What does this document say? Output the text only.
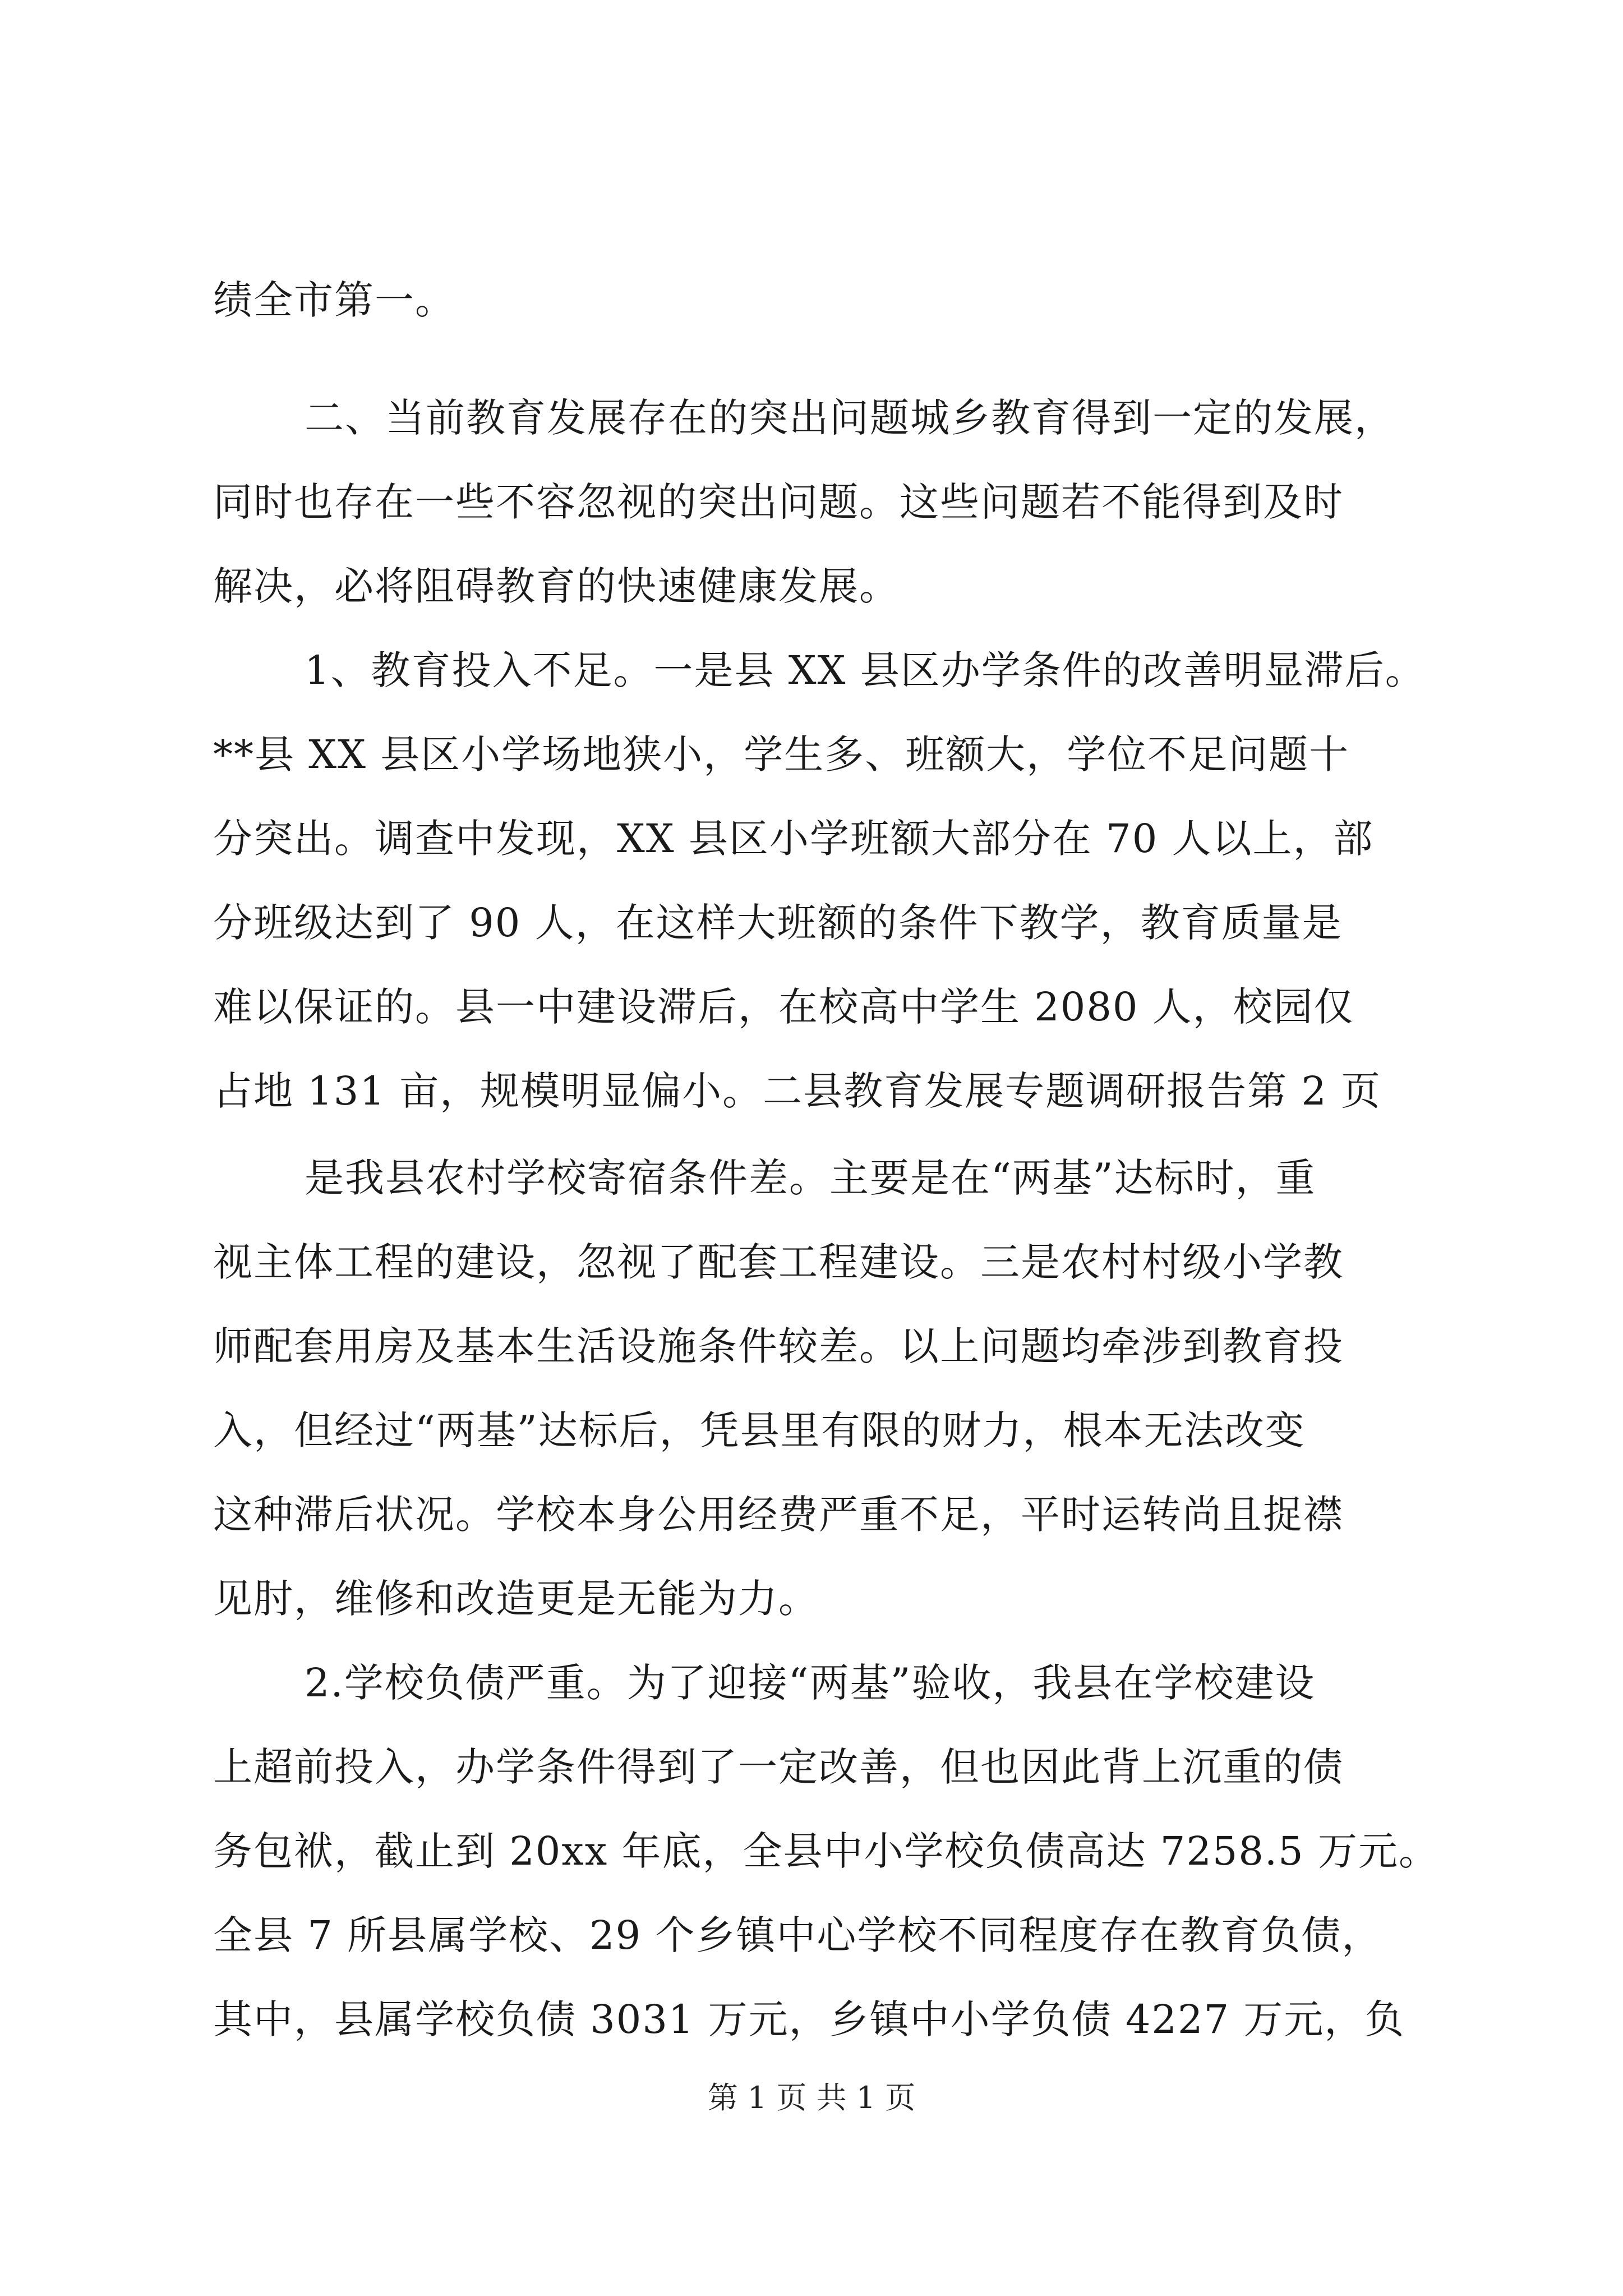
绩全市第一。
二、当前教育发展存在的突出问题城乡教育得到一定的发展，
同时也存在一些不容忽视的突出问题。这些问题若不能得到及时
解决，必将阻碍教育的快速健康发展。
1、教育投入不足。一是县 XX 县区办学条件的改善明显滞后。
**县 XX 县区小学场地狭小，学生多、班额大，学位不足问题十
分突出。调查中发现，XX 县区小学班额大部分在 70 人以上，部
分班级达到了 90 人，在这样大班额的条件下教学，教育质量是
难以保证的。县一中建设滞后，在校高中学生 2080 人，校园仅
占地 131 亩，规模明显偏小。二县教育发展专题调研报告第 2 页
是我县农村学校寄宿条件差。主要是在“两基”达标时，重
视主体工程的建设，忽视了配套工程建设。三是农村村级小学教
师配套用房及基本生活设施条件较差。以上问题均牵涉到教育投
入，但经过“两基”达标后，凭县里有限的财力，根本无法改变
这种滞后状况。学校本身公用经费严重不足，平时运转尚且捉襟
见肘，维修和改造更是无能为力。
2.学校负债严重。为了迎接“两基”验收，我县在学校建设
上超前投入，办学条件得到了一定改善，但也因此背上沉重的债
务包袱，截止到 20xx 年底，全县中小学校负债高达 7258.5 万元。
全县 7 所县属学校、29 个乡镇中心学校不同程度存在教育负债，
其中，县属学校负债 3031 万元，乡镇中小学负债 4227 万元，负
第 1 页 共 1 页
